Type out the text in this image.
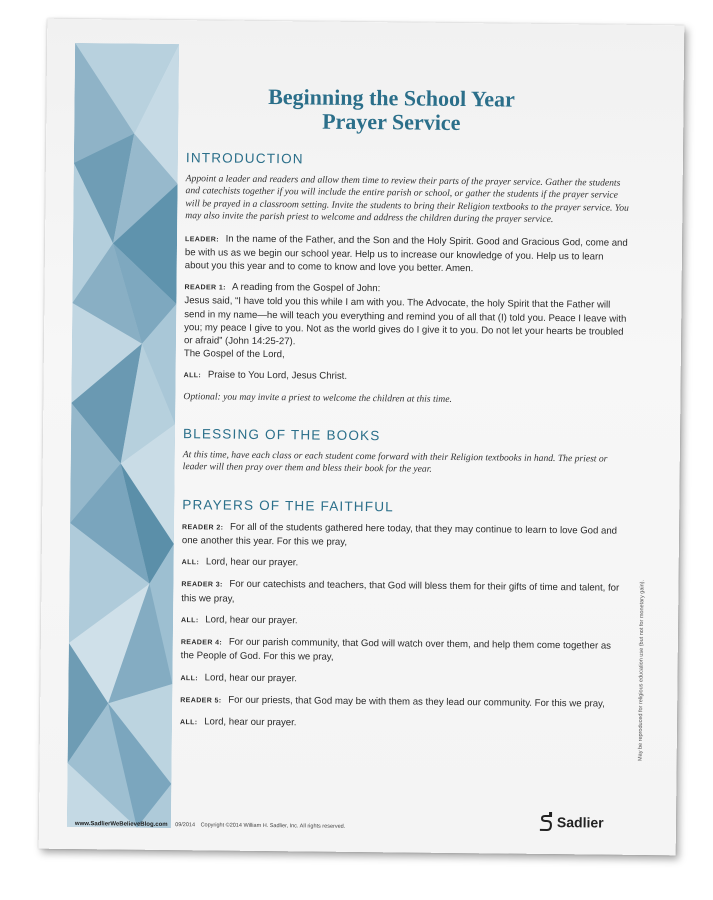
Beginning the School Year
Prayer Service
INTRODUCTION
Appoint a leader and readers and allow them time to review their parts of the prayer service. Gather the students and catechists together if you will include the entire parish or school, or gather the students if the prayer service will be prayed in a classroom setting. Invite the students to bring their Religion textbooks to the prayer service. You may also invite the parish priest to welcome and address the children during the prayer service.
LEADER: In the name of the Father, and the Son and the Holy Spirit. Good and Gracious God, come and be with us as we begin our school year. Help us to increase our knowledge of you. Help us to learn about you this year and to come to know and love you better. Amen.
READER 1: A reading from the Gospel of John:
Jesus said, “I have told you this while I am with you. The Advocate, the holy Spirit that the Father will send in my name—he will teach you everything and remind you of all that (I) told you. Peace I leave with you; my peace I give to you. Not as the world gives do I give it to you. Do not let your hearts be troubled or afraid” (John 14:25-27).
The Gospel of the Lord,
ALL: Praise to You Lord, Jesus Christ.
Optional: you may invite a priest to welcome the children at this time.
BLESSING OF THE BOOKS
At this time, have each class or each student come forward with their Religion textbooks in hand. The priest or leader will then pray over them and bless their book for the year.
PRAYERS OF THE FAITHFUL
READER 2: For all of the students gathered here today, that they may continue to learn to love God and one another this year. For this we pray,
ALL: Lord, hear our prayer.
READER 3: For our catechists and teachers, that God will bless them for their gifts of time and talent, for this we pray,
ALL: Lord, hear our prayer.
READER 4: For our parish community, that God will watch over them, and help them come together as the People of God. For this we pray,
ALL: Lord, hear our prayer.
READER 5: For our priests, that God may be with them as they lead our community. For this we pray,
ALL: Lord, hear our prayer.	May be reproduced for religious education use (but not for monetary gain).
www.SadlierWeBelieveBlog.com 09/2014 Copyright ©2014 William H. Sadlier, Inc. All rights reserved.	Sadlier
